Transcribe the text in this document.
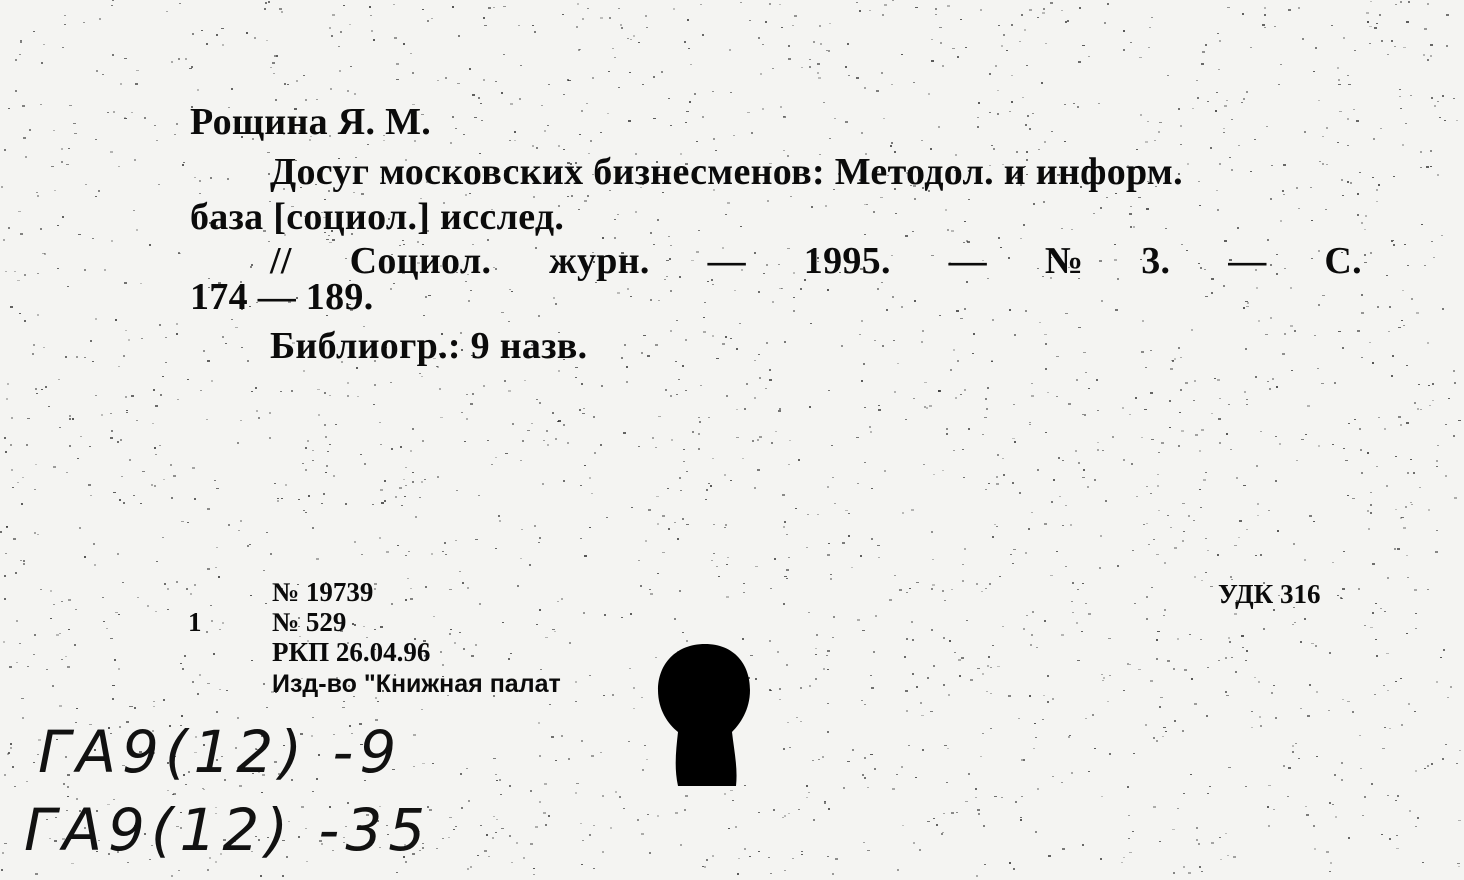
Рощина Я. М.
Досуг московских бизнесменов: Методол. и информ.
база [социол.] исслед.
// Социол. журн. — 1995. — № 3. — С.
174 — 189.
Библиогр.: 9 назв.
1
№ 19739
№ 529
РКП 26.04.96
Изд-во "Книжная палат
УДК 316
ГА9(12) -9
ГА9(12) -35
